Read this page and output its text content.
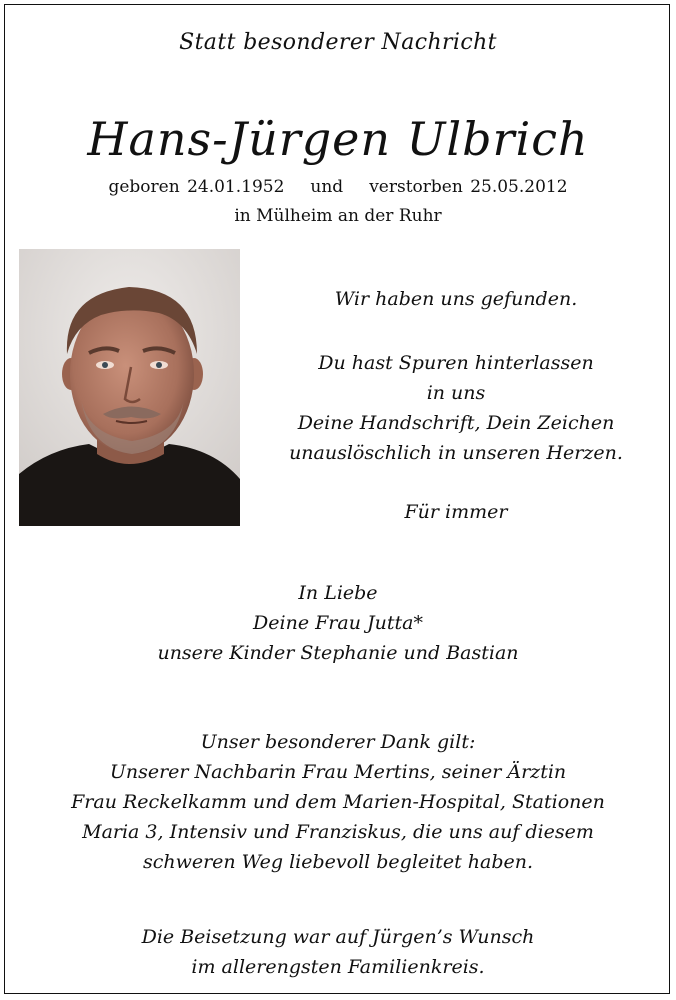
Statt besonderer Nachricht
Hans-Jürgen Ulbrich
geboren 24.01.1952 und verstorben 25.05.2012
in Mülheim an der Ruhr
Wir haben uns gefunden.
Du hast Spuren hinterlassen
in uns
Deine Handschrift, Dein Zeichen
unauslöschlich in unseren Herzen.
Für immer
In Liebe
Deine Frau Jutta*
unsere Kinder Stephanie und Bastian
Unser besonderer Dank gilt:
Unserer Nachbarin Frau Mertins, seiner Ärztin
Frau Reckelkamm und dem Marien-Hospital, Stationen
Maria 3, Intensiv und Franziskus, die uns auf diesem
schweren Weg liebevoll begleitet haben.
Die Beisetzung war auf Jürgen’s Wunsch
im allerengsten Familienkreis.
